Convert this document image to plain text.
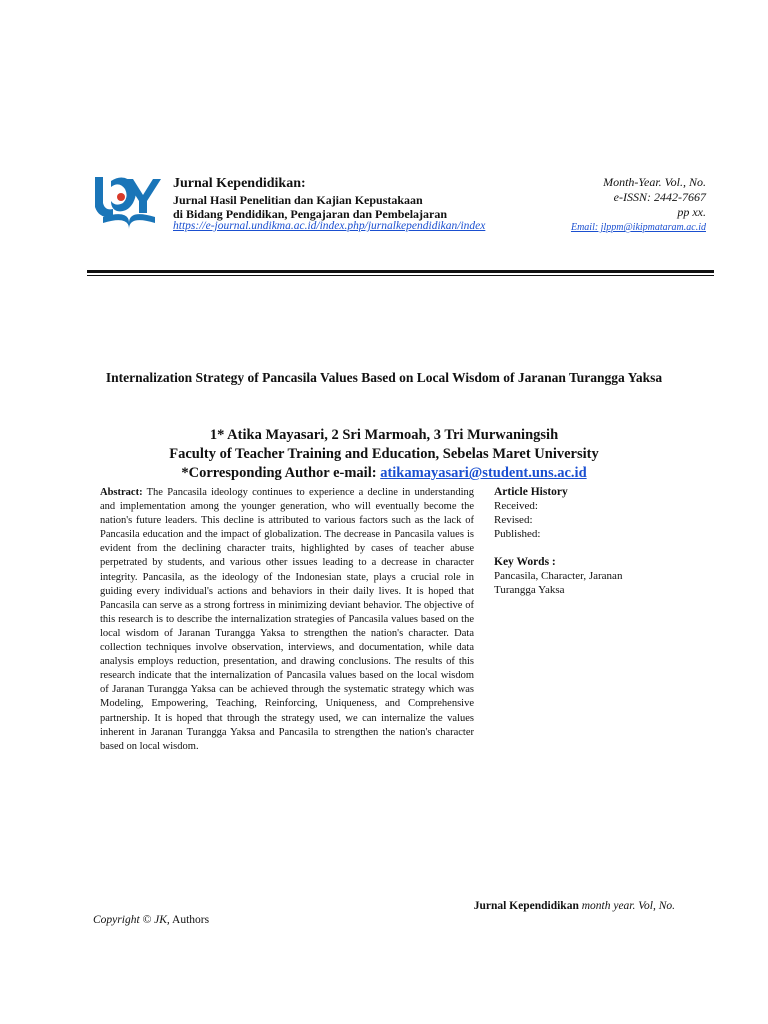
Jurnal Kependidikan:
Jurnal Hasil Penelitian dan Kajian Kepustakaan
di Bidang Pendidikan, Pengajaran dan Pembelajaran
https://e-journal.undikma.ac.id/index.php/jurnalkependidikan/index
Month-Year. Vol., No.
e-ISSN: 2442-7667
pp xx.
Email: jlppm@ikipmataram.ac.id
Internalization Strategy of Pancasila Values Based on Local Wisdom of Jaranan Turangga Yaksa
1* Atika Mayasari, 2 Sri Marmoah, 3 Tri Murwaningsih
Faculty of Teacher Training and Education, Sebelas Maret University
*Corresponding Author e-mail: atikamayasari@student.uns.ac.id
Abstract: The Pancasila ideology continues to experience a decline in understanding and implementation among the younger generation, who will eventually become the nation's future leaders. This decline is attributed to various factors such as the lack of Pancasila education and the impact of globalization. The decrease in Pancasila values is evident from the declining character traits, highlighted by cases of teacher abuse perpetrated by students, and various other issues leading to a decrease in character integrity. Pancasila, as the ideology of the Indonesian state, plays a crucial role in guiding every individual's actions and behaviors in their daily lives. It is hoped that Pancasila can serve as a strong fortress in minimizing deviant behavior. The objective of this research is to describe the internalization strategies of Pancasila values based on the local wisdom of Jaranan Turangga Yaksa to strengthen the nation's character. Data collection techniques involve observation, interviews, and documentation, while data analysis employs reduction, presentation, and drawing conclusions. The results of this research indicate that the internalization of Pancasila values based on the local wisdom of Jaranan Turangga Yaksa can be achieved through the systematic strategy which was Modeling, Empowering, Teaching, Reinforcing, Uniqueness, and Comprehensive partnership. It is hoped that through the strategy used, we can internalize the values inherent in Jaranan Turangga Yaksa and Pancasila to strengthen the nation's character based on local wisdom.
Article History
Received:
Revised:
Published:
Key Words :
Pancasila, Character, Jaranan Turangga Yaksa
Jurnal Kependidikan month year. Vol, No.
Copyright © JK, Authors
